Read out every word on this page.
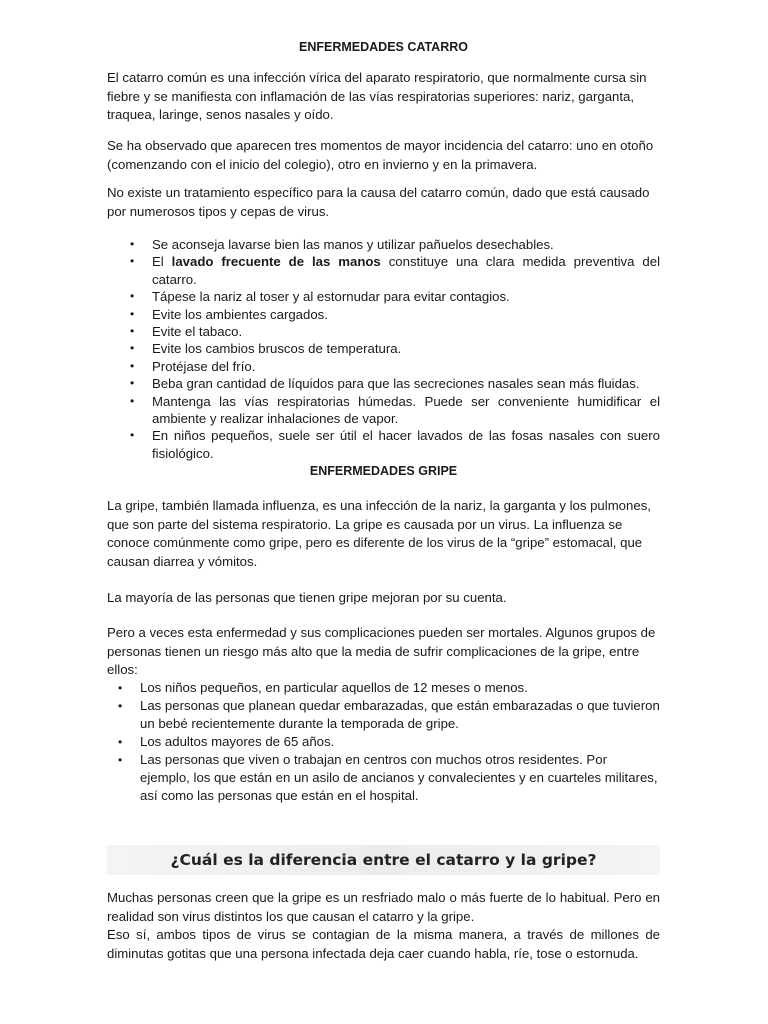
ENFERMEDADES CATARRO

El catarro común es una infección vírica del aparato respiratorio, que normalmente cursa sin fiebre y se manifiesta con inflamación de las vías respiratorias superiores: nariz, garganta, traquea, laringe, senos nasales y oído.

Se ha observado que aparecen tres momentos de mayor incidencia del catarro: uno en otoño (comenzando con el inicio del colegio), otro en invierno y en la primavera.

No existe un tratamiento específico para la causa del catarro común, dado que está causado por numerosos tipos y cepas de virus.

• Se aconseja lavarse bien las manos y utilizar pañuelos desechables.
• El lavado frecuente de las manos constituye una clara medida preventiva del catarro.
• Tápese la nariz al toser y al estornudar para evitar contagios.
• Evite los ambientes cargados.
• Evite el tabaco.
• Evite los cambios bruscos de temperatura.
• Protéjase del frío.
• Beba gran cantidad de líquidos para que las secreciones nasales sean más fluidas.
• Mantenga las vías respiratorias húmedas. Puede ser conveniente humidificar el ambiente y realizar inhalaciones de vapor.
• En niños pequeños, suele ser útil el hacer lavados de las fosas nasales con suero fisiológico.
ENFERMEDADES GRIPE

La gripe, también llamada influenza, es una infección de la nariz, la garganta y los pulmones, que son parte del sistema respiratorio. La gripe es causada por un virus. La influenza se conoce comúnmente como gripe, pero es diferente de los virus de la “gripe” estomacal, que causan diarrea y vómitos.

La mayoría de las personas que tienen gripe mejoran por su cuenta.

Pero a veces esta enfermedad y sus complicaciones pueden ser mortales. Algunos grupos de personas tienen un riesgo más alto que la media de sufrir complicaciones de la gripe, entre ellos:

• Los niños pequeños, en particular aquellos de 12 meses o menos.
• Las personas que planean quedar embarazadas, que están embarazadas o que tuvieron un bebé recientemente durante la temporada de gripe.
• Los adultos mayores de 65 años.
• Las personas que viven o trabajan en centros con muchos otros residentes. Por ejemplo, los que están en un asilo de ancianos y convalecientes y en cuarteles militares, así como las personas que están en el hospital.
¿Cuál es la diferencia entre el catarro y la gripe?

Muchas personas creen que la gripe es un resfriado malo o más fuerte de lo habitual. Pero en realidad son virus distintos los que causan el catarro y la gripe.

Eso sí, ambos tipos de virus se contagian de la misma manera, a través de millones de diminutas gotitas que una persona infectada deja caer cuando habla, ríe, tose o estornuda.
